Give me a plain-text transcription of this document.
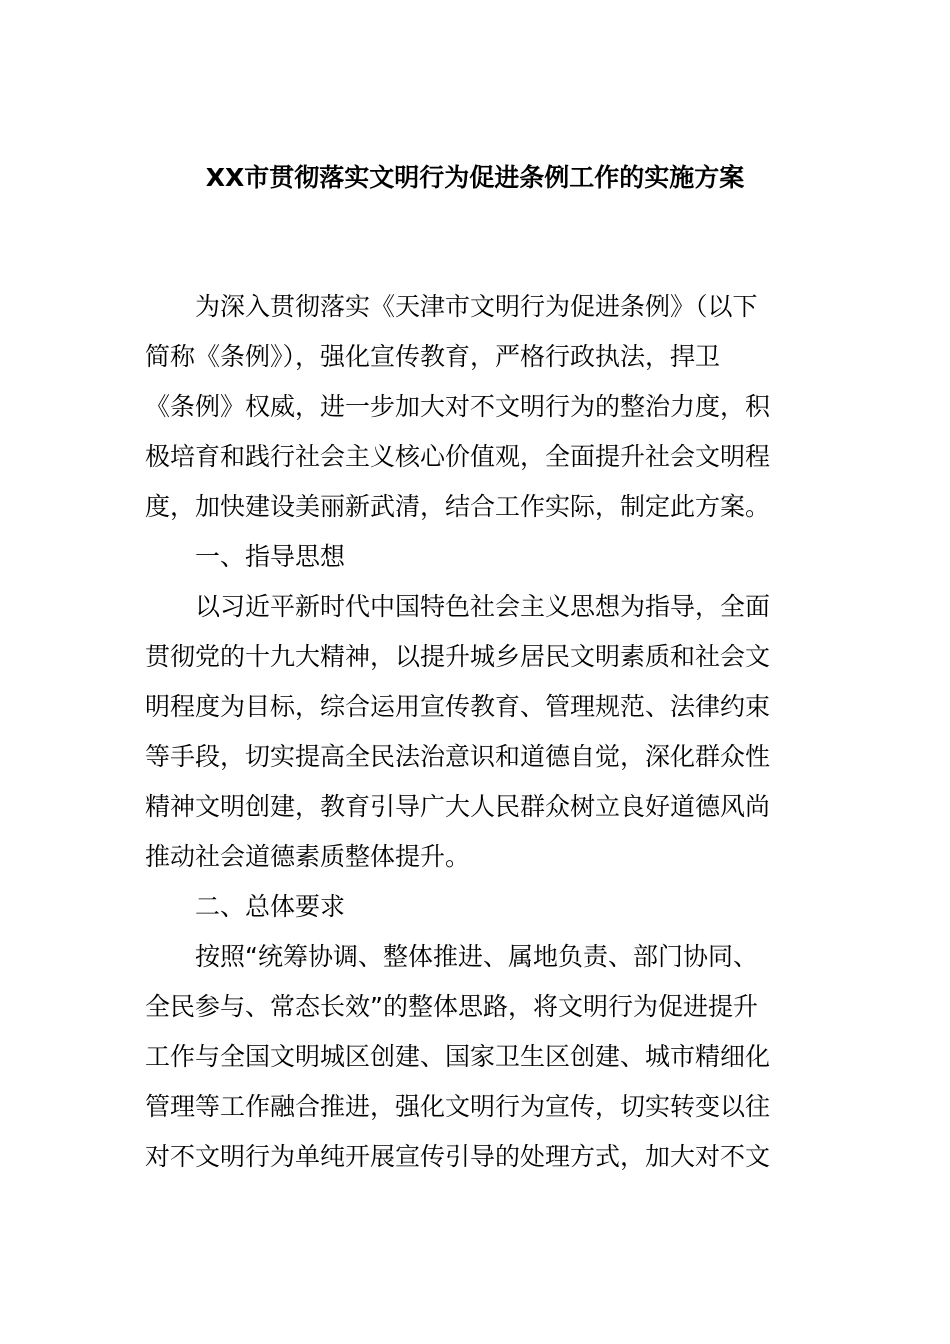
XX市贯彻落实文明行为促进条例工作的实施方案
为深入贯彻落实《天津市文明行为促进条例》（以下
简称《条例》），强化宣传教育，严格行政执法，捍卫
《条例》权威，进一步加大对不文明行为的整治力度，积
极培育和践行社会主义核心价值观，全面提升社会文明程
度，加快建设美丽新武清，结合工作实际，制定此方案。
一、指导思想
以习近平新时代中国特色社会主义思想为指导，全面
贯彻党的十九大精神，以提升城乡居民文明素质和社会文
明程度为目标，综合运用宣传教育、管理规范、法律约束
等手段，切实提高全民法治意识和道德自觉，深化群众性
精神文明创建，教育引导广大人民群众树立良好道德风尚
推动社会道德素质整体提升。
二、总体要求
按照“统筹协调、整体推进、属地负责、部门协同、
全民参与、常态长效”的整体思路，将文明行为促进提升
工作与全国文明城区创建、国家卫生区创建、城市精细化
管理等工作融合推进，强化文明行为宣传，切实转变以往
对不文明行为单纯开展宣传引导的处理方式，加大对不文
